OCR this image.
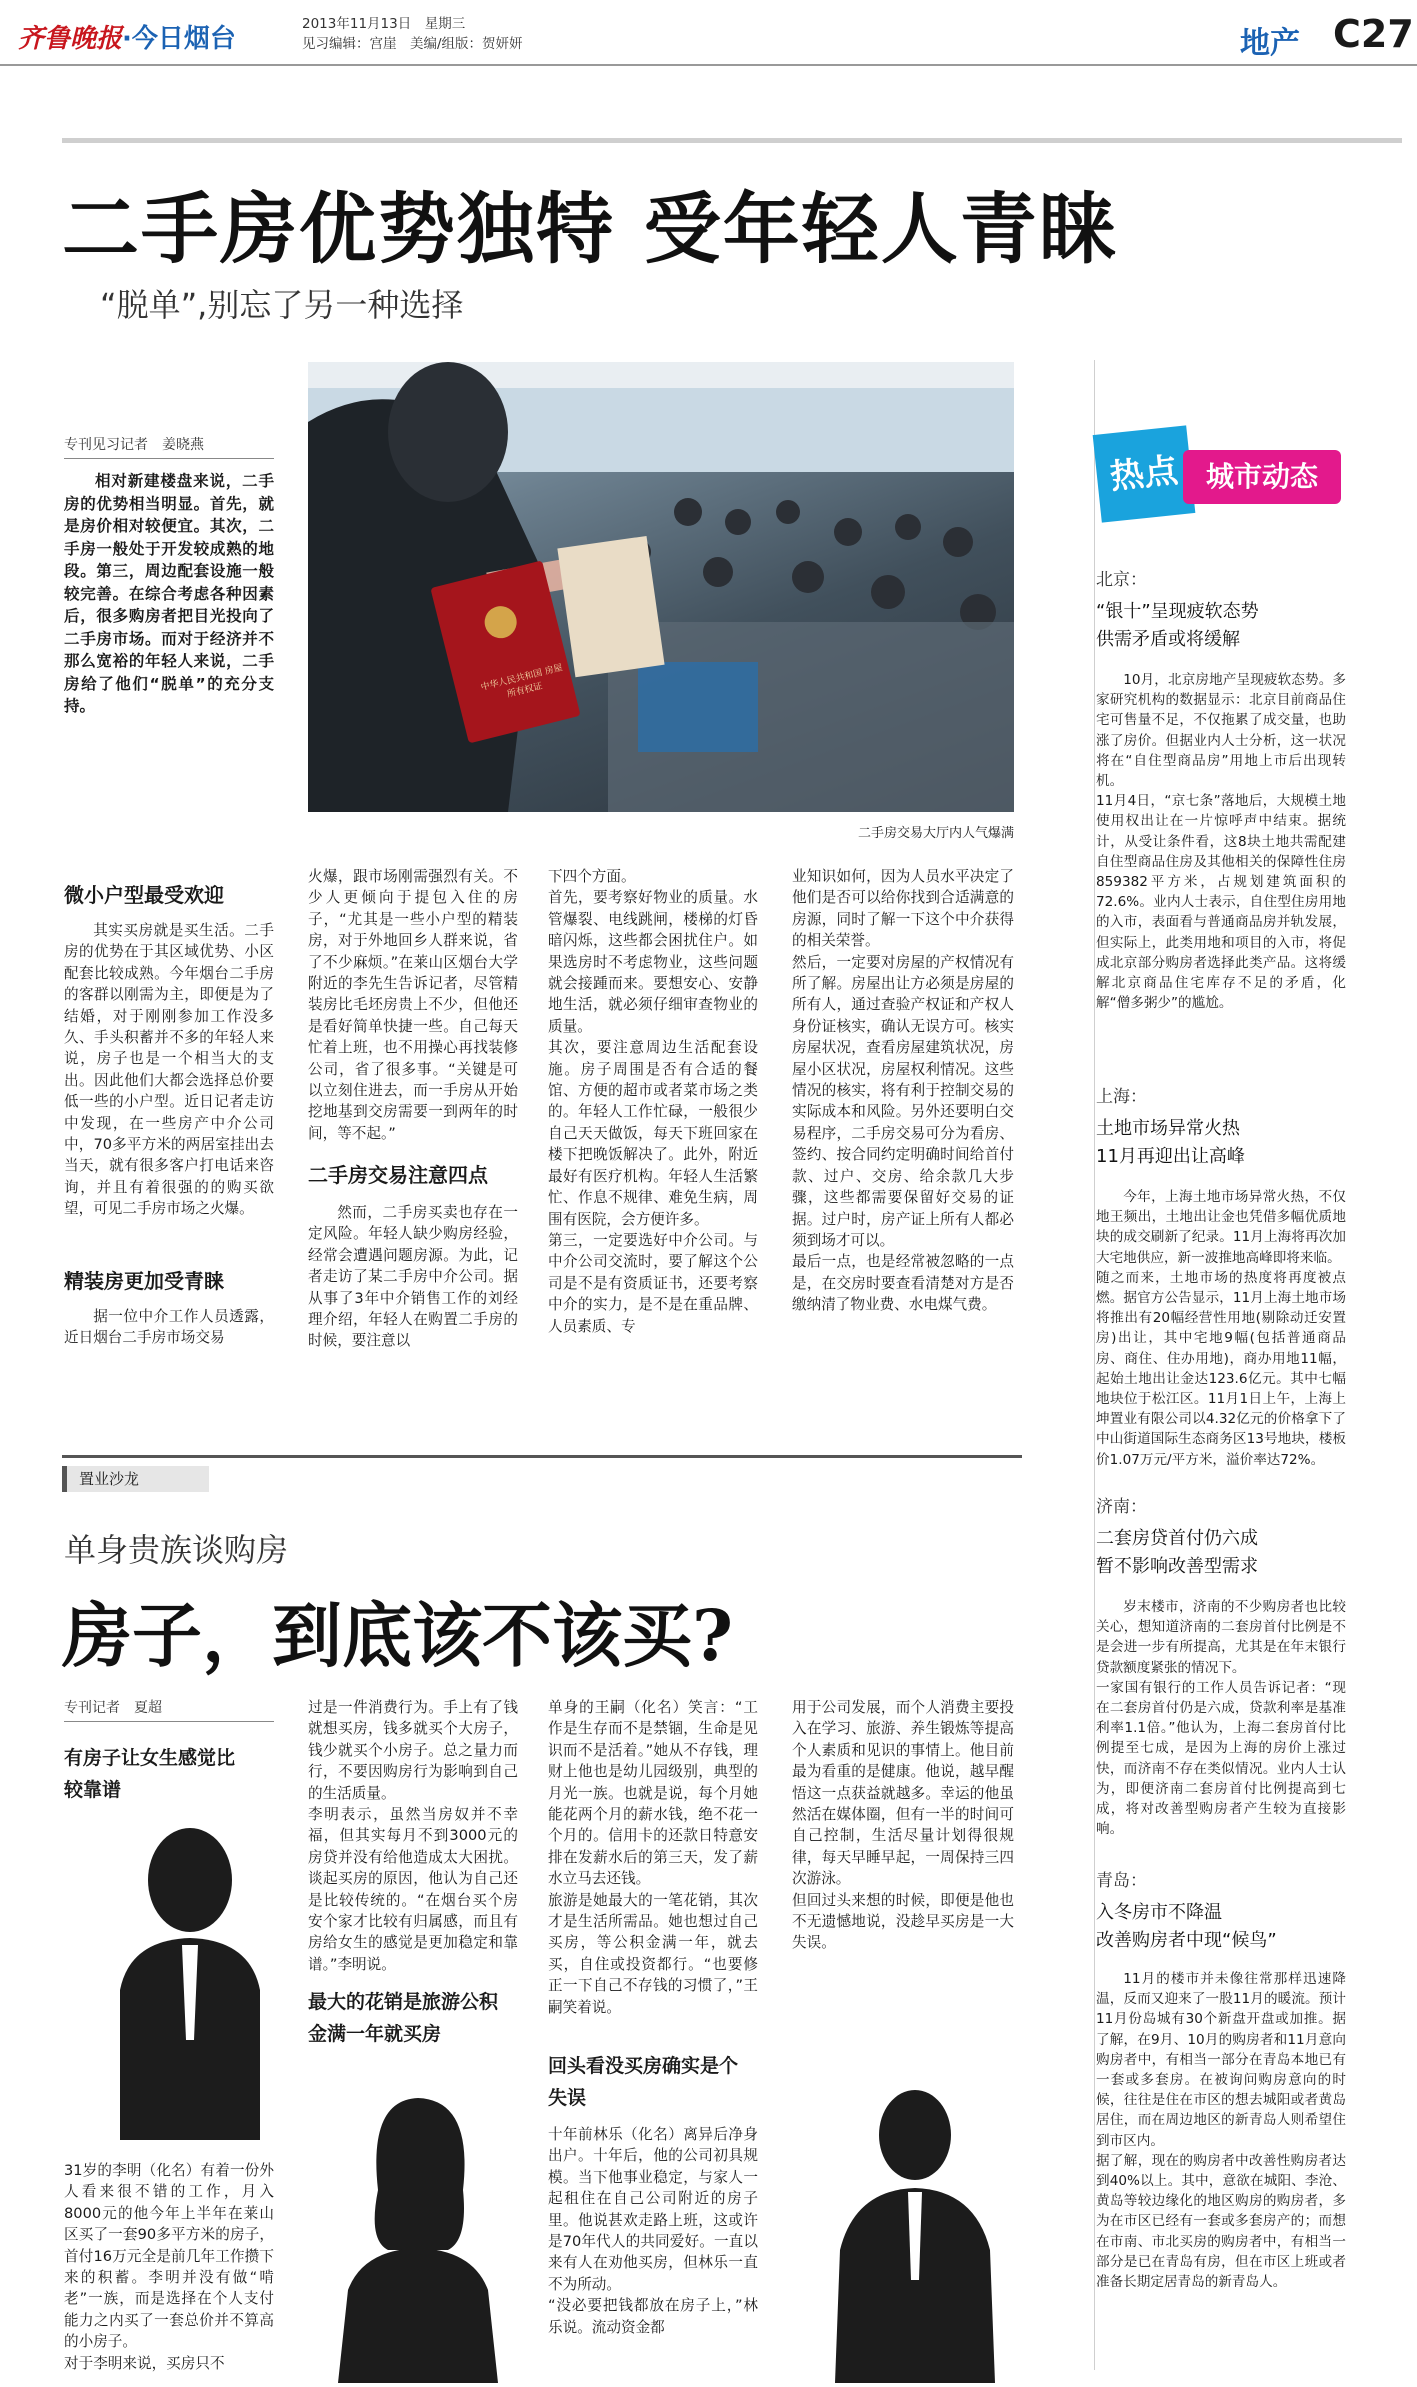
齐鲁晚报·今日烟台	2013年11月13日　星期三
见习编辑：宫崖　美编/组版：贺妍妍	地产 C27
二手房优势独特 受年轻人青睐
“脱单”,别忘了另一种选择
专刊见习记者　姜晓燕

相对新建楼盘来说，二手房的优势相当明显。首先，就是房价相对较便宜。其次，二手房一般处于开发较成熟的地段。第三，周边配套设施一般较完善。在综合考虑各种因素后，很多购房者把目光投向了二手房市场。而对于经济并不那么宽裕的年轻人来说，二手房给了他们“脱单”的充分支持。

中华人民共和国 房屋所有权证
二手房交易大厅内人气爆满
微小户型最受欢迎

其实买房就是买生活。二手房的优势在于其区域优势、小区配套比较成熟。今年烟台二手房的客群以刚需为主，即便是为了结婚，对于刚刚参加工作没多久、手头积蓄并不多的年轻人来说，房子也是一个相当大的支出。因此他们大都会选择总价要低一些的小户型。近日记者走访中发现，在一些房产中介公司中，70多平方米的两居室挂出去当天，就有很多客户打电话来咨询，并且有着很强的的购买欲望，可见二手房市场之火爆。

精装房更加受青睐

据一位中介工作人员透露，近日烟台二手房市场交易

火爆，跟市场刚需强烈有关。不少人更倾向于提包入住的房子，“尤其是一些小户型的精装房，对于外地回乡人群来说，省了不少麻烦。”在莱山区烟台大学附近的李先生告诉记者，尽管精装房比毛坯房贵上不少，但他还是看好简单快捷一些。自己每天忙着上班，也不用操心再找装修公司，省了很多事。“关键是可以立刻住进去，而一手房从开始挖地基到交房需要一到两年的时间，等不起。”

二手房交易注意四点

然而，二手房买卖也存在一定风险。年轻人缺少购房经验，经常会遭遇问题房源。为此，记者走访了某二手房中介公司。据从事了3年中介销售工作的刘经理介绍，年轻人在购置二手房的时候，要注意以

下四个方面。
首先，要考察好物业的质量。水管爆裂、电线跳闸，楼梯的灯昏暗闪烁，这些都会困扰住户。如果选房时不考虑物业，这些问题就会接踵而来。要想安心、安静地生活，就必须仔细审查物业的质量。
其次，要注意周边生活配套设施。房子周围是否有合适的餐馆、方便的超市或者菜市场之类的。年轻人工作忙碌，一般很少自己天天做饭，每天下班回家在楼下把晚饭解决了。此外，附近最好有医疗机构。年轻人生活繁忙、作息不规律、难免生病，周围有医院，会方便许多。
第三，一定要选好中介公司。与中介公司交流时，要了解这个公司是不是有资质证书，还要考察中介的实力，是不是在重品牌、人员素质、专
业知识如何，因为人员水平决定了他们是否可以给你找到合适满意的房源，同时了解一下这个中介获得的相关荣誉。
然后，一定要对房屋的产权情况有所了解。房屋出让方必须是房屋的所有人，通过查验产权证和产权人身份证核实，确认无误方可。核实房屋状况，查看房屋建筑状况，房屋小区状况，房屋权利情况。这些情况的核实，将有利于控制交易的实际成本和风险。另外还要明白交易程序，二手房交易可分为看房、签约、按合同约定明确时间给首付款、过户、交房、给余款几大步骤，这些都需要保留好交易的证据。过户时，房产证上所有人都必须到场才可以。
最后一点，也是经常被忽略的一点是，在交房时要查看清楚对方是否缴纳清了物业费、水电煤气费。
置业沙龙
单身贵族谈购房
房子，到底该不该买?
专刊记者　夏超
有房子让女生感觉比较靠谱
31岁的李明（化名）有着一份外人看来很不错的工作，月入8000元的他今年上半年在莱山区买了一套90多平方米的房子，首付16万元全是前几年工作攒下来的积蓄。李明并没有做“啃老”一族，而是选择在个人支付能力之内买了一套总价并不算高的小房子。
对于李明来说，买房只不
过是一件消费行为。手上有了钱就想买房，钱多就买个大房子，钱少就买个小房子。总之量力而行，不要因购房行为影响到自己的生活质量。
李明表示，虽然当房奴并不幸福，但其实每月不到3000元的房贷并没有给他造成太大困扰。谈起买房的原因，他认为自己还是比较传统的。“在烟台买个房安个家才比较有归属感，而且有房给女生的感觉是更加稳定和靠谱。”李明说。
最大的花销是旅游公积金满一年就买房
单身的王嗣（化名）笑言：“工作是生存而不是禁锢，生命是见识而不是活着。”她从不存钱，理财上他也是幼儿园级别，典型的月光一族。也就是说，每个月她能花两个月的薪水钱，绝不花一个月的。信用卡的还款日特意安排在发薪水后的第三天，发了薪水立马去还钱。
旅游是她最大的一笔花销，其次才是生活所需品。她也想过自己买房，等公积金满一年，就去买，自住或投资都行。“也要修正一下自己不存钱的习惯了，”王嗣笑着说。
回头看没买房确实是个失误
十年前林乐（化名）离异后净身出户。十年后，他的公司初具规模。当下他事业稳定，与家人一起租住在自己公司附近的房子里。他说甚欢走路上班，这或许是70年代人的共同爱好。一直以来有人在劝他买房，但林乐一直不为所动。
“没必要把钱都放在房子上，”林乐说。流动资金都
用于公司发展，而个人消费主要投入在学习、旅游、养生锻炼等提高个人素质和见识的事情上。他目前最为看重的是健康。他说，越早醒悟这一点获益就越多。幸运的他虽然活在媒体圈，但有一半的时间可自己控制，生活尽量计划得很规律，每天早睡早起，一周保持三四次游泳。
但回过头来想的时候，即便是他也不无遗憾地说，没趁早买房是一大失误。
热点 城市动态
北京：
“银十”呈现疲软态势
供需矛盾或将缓解
10月，北京房地产呈现疲软态势。多家研究机构的数据显示：北京目前商品住宅可售量不足，不仅拖累了成交量，也助涨了房价。但据业内人士分析，这一状况将在“自住型商品房”用地上市后出现转机。
11月4日，“京七条”落地后，大规模土地使用权出让在一片惊呼声中结束。据统计，从受让条件看，这8块土地共需配建自住型商品住房及其他相关的保障性住房859382平方米，占规划建筑面积的72.6%。业内人士表示，自住型住房用地的入市，表面看与普通商品房并轨发展，但实际上，此类用地和项目的入市，将促成北京部分购房者选择此类产品。这将缓解北京商品住宅库存不足的矛盾，化解“僧多粥少”的尴尬。
上海：
土地市场异常火热
11月再迎出让高峰
今年，上海土地市场异常火热，不仅地王频出，土地出让金也凭借多幅优质地块的成交刷新了纪录。11月上海将再次加大宅地供应，新一波推地高峰即将来临。
随之而来，土地市场的热度将再度被点燃。据官方公告显示，11月上海土地市场将推出有20幅经营性用地(剔除动迁安置房)出让，其中宅地9幅(包括普通商品房、商住、住办用地)，商办用地11幅，起始土地出让金达123.6亿元。其中七幅地块位于松江区。11月1日上午，上海上坤置业有限公司以4.32亿元的价格拿下了中山街道国际生态商务区13号地块，楼板价1.07万元/平方米，溢价率达72%。
济南：
二套房贷首付仍六成
暂不影响改善型需求
岁末楼市，济南的不少购房者也比较关心，想知道济南的二套房首付比例是不是会进一步有所提高，尤其是在年末银行贷款额度紧张的情况下。
一家国有银行的工作人员告诉记者：“现在二套房首付仍是六成，贷款利率是基准利率1.1倍。”他认为，上海二套房首付比例提至七成，是因为上海的房价上涨过快，而济南不存在类似情况。业内人士认为，即便济南二套房首付比例提高到七成，将对改善型购房者产生较为直接影响。
青岛：
入冬房市不降温
改善购房者中现“候鸟”
11月的楼市并未像往常那样迅速降温，反而又迎来了一股11月的暖流。预计11月份岛城有30个新盘开盘或加推。据了解，在9月、10月的购房者和11月意向购房者中，有相当一部分在青岛本地已有一套或多套房。在被询问购房意向的时候，往往是住在市区的想去城阳或者黄岛居住，而在周边地区的新青岛人则希望住到市区内。
据了解，现在的购房者中改善性购房者达到40%以上。其中，意欲在城阳、李沧、黄岛等较边缘化的地区购房的购房者，多为在市区已经有一套或多套房产的；而想在市南、市北买房的购房者中，有相当一部分是已在青岛有房，但在市区上班或者准备长期定居青岛的新青岛人。
